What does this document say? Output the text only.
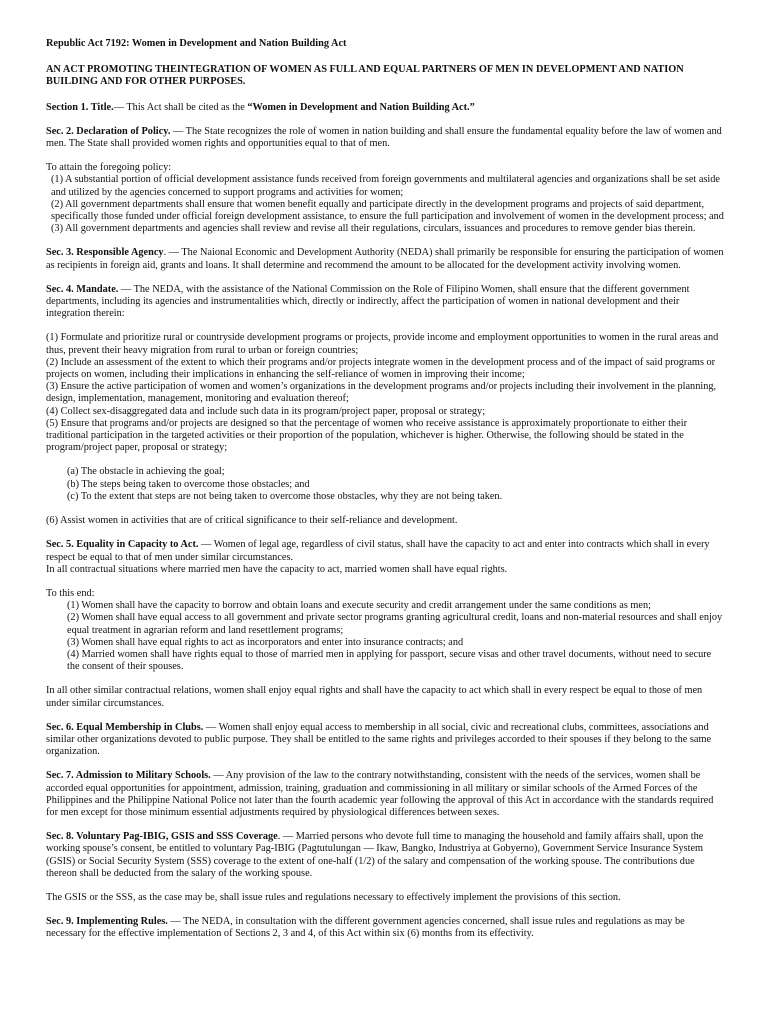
Republic Act 7192: Women in Development and Nation Building Act
AN ACT PROMOTING THEINTEGRATION OF WOMEN AS FULL AND EQUAL PARTNERS OF MEN IN DEVELOPMENT AND NATION BUILDING AND FOR OTHER PURPOSES.

Section 1. Title.— This Act shall be cited as the “Women in Development and Nation Building Act.”

Sec. 2. Declaration of Policy. — The State recognizes the role of women in nation building and shall ensure the fundamental equality before the law of women and men. The State shall provided women rights and opportunities equal to that of men.

To attain the foregoing policy:
(1) A substantial portion of official development assistance funds received from foreign governments and multilateral agencies and organizations shall be set aside and utilized by the agencies concerned to support programs and activities for women;
(2) All government departments shall ensure that women benefit equally and participate directly in the development programs and projects of said department, specifically those funded under official foreign development assistance, to ensure the full participation and involvement of women in the development process; and
(3) All government departments and agencies shall review and revise all their regulations, circulars, issuances and procedures to remove gender bias therein.

Sec. 3. Responsible Agency. — The Naional Economic and Development Authority (NEDA) shall primarily be responsible for ensuring the participation of women as recipients in foreign aid, grants and loans. It shall determine and recommend the amount to be allocated for the development activity involving women.

Sec. 4. Mandate. — The NEDA, with the assistance of the National Commission on the Role of Filipino Women, shall ensure that the different government departments, including its agencies and instrumentalities which, directly or indirectly, affect the participation of women in national development and their integration therein:

(1) Formulate and prioritize rural or countryside development programs or projects, provide income and employment opportunities to women in the rural areas and thus, prevent their heavy migration from rural to urban or foreign countries;
(2) Include an assessment of the extent to which their programs and/or projects integrate women in the development process and of the impact of said programs or projects on women, including their implications in enhancing the self-reliance of women in improving their income;
(3) Ensure the active participation of women and women’s organizations in the development programs and/or projects including their involvement in the planning, design, implementation, management, monitoring and evaluation thereof;
(4) Collect sex-disaggregated data and include such data in its program/project paper, proposal or strategy;
(5) Ensure that programs and/or projects are designed so that the percentage of women who receive assistance is approximately proportionate to either their traditional participation in the targeted activities or their proportion of the population, whichever is higher. Otherwise, the following should be stated in the program/project paper, proposal or strategy;

(a) The obstacle in achieving the goal;
(b) The steps being taken to overcome those obstacles; and
(c) To the extent that steps are not being taken to overcome those obstacles, why they are not being taken.

(6) Assist women in activities that are of critical significance to their self-reliance and development.

Sec. 5. Equality in Capacity to Act. — Women of legal age, regardless of civil status, shall have the capacity to act and enter into contracts which shall in every respect be equal to that of men under similar circumstances.
In all contractual situations where married men have the capacity to act, married women shall have equal rights.

To this end:
(1) Women shall have the capacity to borrow and obtain loans and execute security and credit arrangement under the same conditions as men;
(2) Women shall have equal access to all government and private sector programs granting agricultural credit, loans and non-material resources and shall enjoy equal treatment in agrarian reform and land resettlement programs;
(3) Women shall have equal rights to act as incorporators and enter into insurance contracts; and
(4) Married women shall have rights equal to those of married men in applying for passport, secure visas and other travel documents, without need to secure the consent of their spouses.

In all other similar contractual relations, women shall enjoy equal rights and shall have the capacity to act which shall in every respect be equal to those of men under similar circumstances.

Sec. 6. Equal Membership in Clubs. — Women shall enjoy equal access to membership in all social, civic and recreational clubs, committees, associations and similar other organizations devoted to public purpose. They shall be entitled to the same rights and privileges accorded to their spouses if they belong to the same organization.

Sec. 7. Admission to Military Schools. — Any provision of the law to the contrary notwithstanding, consistent with the needs of the services, women shall be accorded equal opportunities for appointment, admission, training, graduation and commissioning in all military or similar schools of the Armed Forces of the Philippines and the Philippine National Police not later than the fourth academic year following the approval of this Act in accordance with the standards required for men except for those minimum essential adjustments required by physiological differences between sexes.

Sec. 8. Voluntary Pag-IBIG, GSIS and SSS Coverage. — Married persons who devote full time to managing the household and family affairs shall, upon the working spouse’s consent, be entitled to voluntary Pag-IBIG (Pagtutulungan — Ikaw, Bangko, Industriya at Gobyerno), Government Service Insurance System (GSIS) or Social Security System (SSS) coverage to the extent of one-half (1/2) of the salary and compensation of the working spouse. The contributions due thereon shall be deducted from the salary of the working spouse.

The GSIS or the SSS, as the case may be, shall issue rules and regulations necessary to effectively implement the provisions of this section.

Sec. 9. Implementing Rules. — The NEDA, in consultation with the different government agencies concerned, shall issue rules and regulations as may be necessary for the effective implementation of Sections 2, 3 and 4, of this Act within six (6) months from its effectivity.
